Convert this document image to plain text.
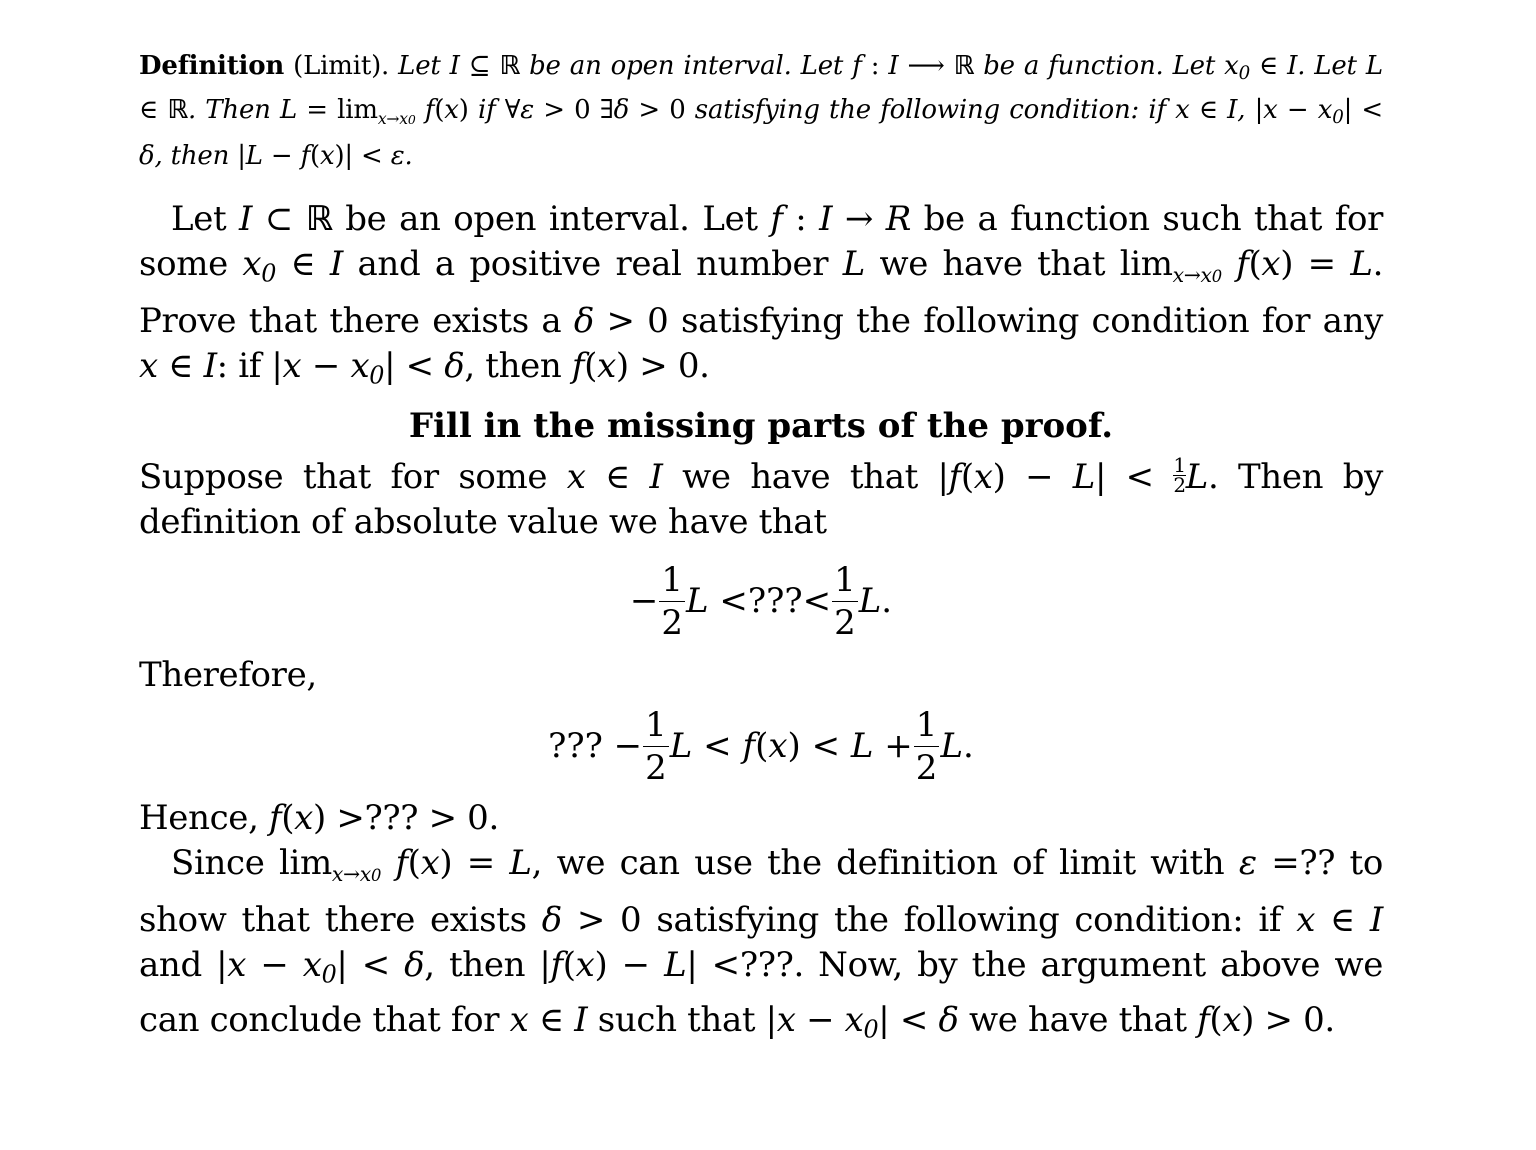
Definition (Limit). Let I ⊆ ℝ be an open interval. Let f : I ⟶ ℝ be a function. Let $x_0$ ∈ I. Let L ∈ ℝ. Then $L = \lim_{x\to x0} f(x)$ if ∀ε > 0 ∃δ > 0 satisfying the following condition: if x ∈ I, $|x - x_0| < \delta$, then |L − f(x)| < ε.

Let I ⊂ ℝ be an open interval. Let f : I → R be a function such that for some $x_0$ ∈ I and a positive real number L we have that $\lim_{x\to x0} f(x) = L$. Prove that there exists a δ > 0 satisfying the following condition for any x ∈ I: if $|x - x_0| < \delta$, then f(x) > 0.

Fill in the missing parts of the proof.

Suppose that for some x ∈ I we have that $|f(x) - L| < \frac{1}{2} L$. Then by definition of absolute value we have that

− $\frac{1}{2}$ L <???< $\frac{1}{2} L$.

Therefore,

??? − $\frac{1}{2}$ $L < f(x) < L + \frac{1}{2} L$.

Hence, f(x) >??? > 0.

Since $\lim_{x\to x0} f(x) = L$, we can use the definition of limit with ε =?? to show that there exists δ > 0 satisfying the following condition: if x ∈ I and $|x - x_0| < \delta$, then |f(x) − L| <???. Now, by the argument above we can conclude that for x ∈ I such that $|x - x_0| < \delta$ we have that f(x) > 0.
